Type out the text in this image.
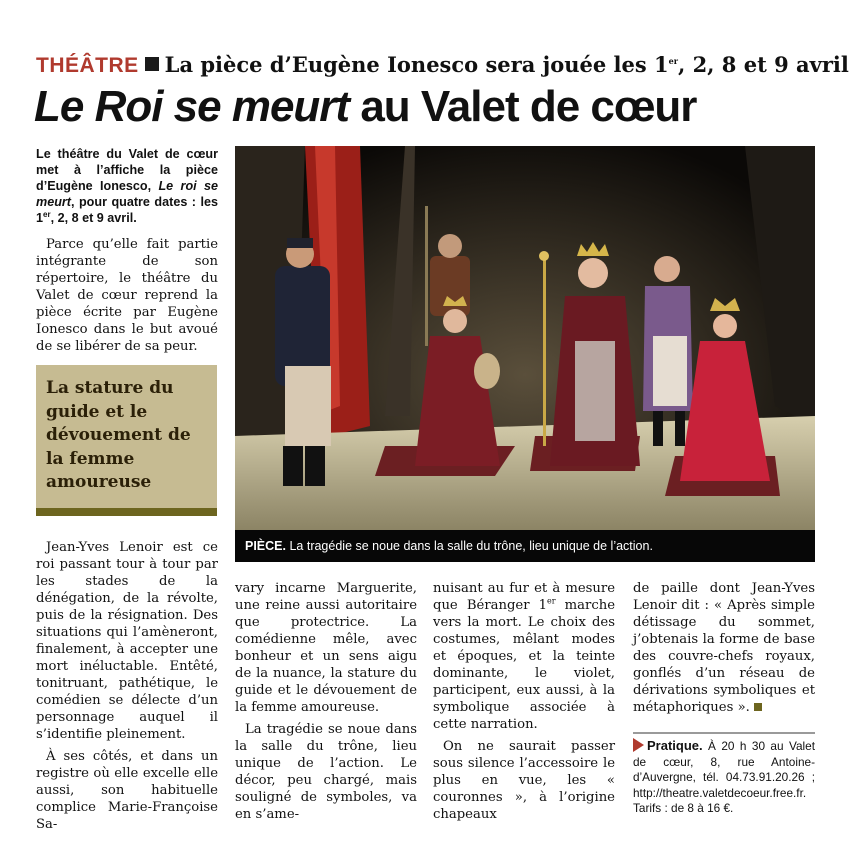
THÉÂTRE La pièce d’Eugène Ionesco sera jouée les 1er, 2, 8 et 9 avril
Le Roi se meurt au Valet de cœur
Le théâtre du Valet de cœur met à l’affiche la pièce d’Eugène Ionesco, Le roi se meurt, pour quatre dates : les 1er, 2, 8 et 9 avril.

Parce qu’elle fait partie intégrante de son répertoire, le théâtre du Valet de cœur reprend la pièce écrite par Eugène Ionesco dans le but avoué de se libérer de sa peur.

La stature du guide et le dévouement de la femme amoureuse
PIÈCE. La tragédie se noue dans la salle du trône, lieu unique de l’action.

Jean-Yves Lenoir est ce roi passant tour à tour par les stades de la dénégation, de la révolte, puis de la résignation. Des situations qui l’amèneront, finalement, à accepter une mort inéluctable. Entêté, tonitruant, pathétique, le comédien se délecte d’un personnage auquel il s’identifie pleinement.

À ses côtés, et dans un registre où elle excelle elle aussi, son habituelle complice Marie-Françoise Sa-

vary incarne Marguerite, une reine aussi autoritaire que protectrice. La comédienne mêle, avec bonheur et un sens aigu de la nuance, la stature du guide et le dévouement de la femme amoureuse.

La tragédie se noue dans la salle du trône, lieu unique de l’action. Le décor, peu chargé, mais souligné de symboles, va en s’ame-

nuisant au fur et à mesure que Béranger 1er marche vers la mort. Le choix des costumes, mêlant modes et époques, et la teinte dominante, le violet, participent, eux aussi, à la symbolique associée à cette narration.

On ne saurait passer sous silence l’accessoire le plus en vue, les « couronnes », à l’origine chapeaux

de paille dont Jean-Yves Lenoir dit : « Après simple détissage du sommet, j’obtenais la forme de base des couvre-chefs royaux, gonflés d’un réseau de dérivations symboliques et métaphoriques ».

Pratique. À 20 h 30 au Valet de cœur, 8, rue Antoine-d’Auvergne, tél. 04.73.91.20.26 ; http://theatre.valetdecoeur.free.fr. Tarifs : de 8 à 16 €.
